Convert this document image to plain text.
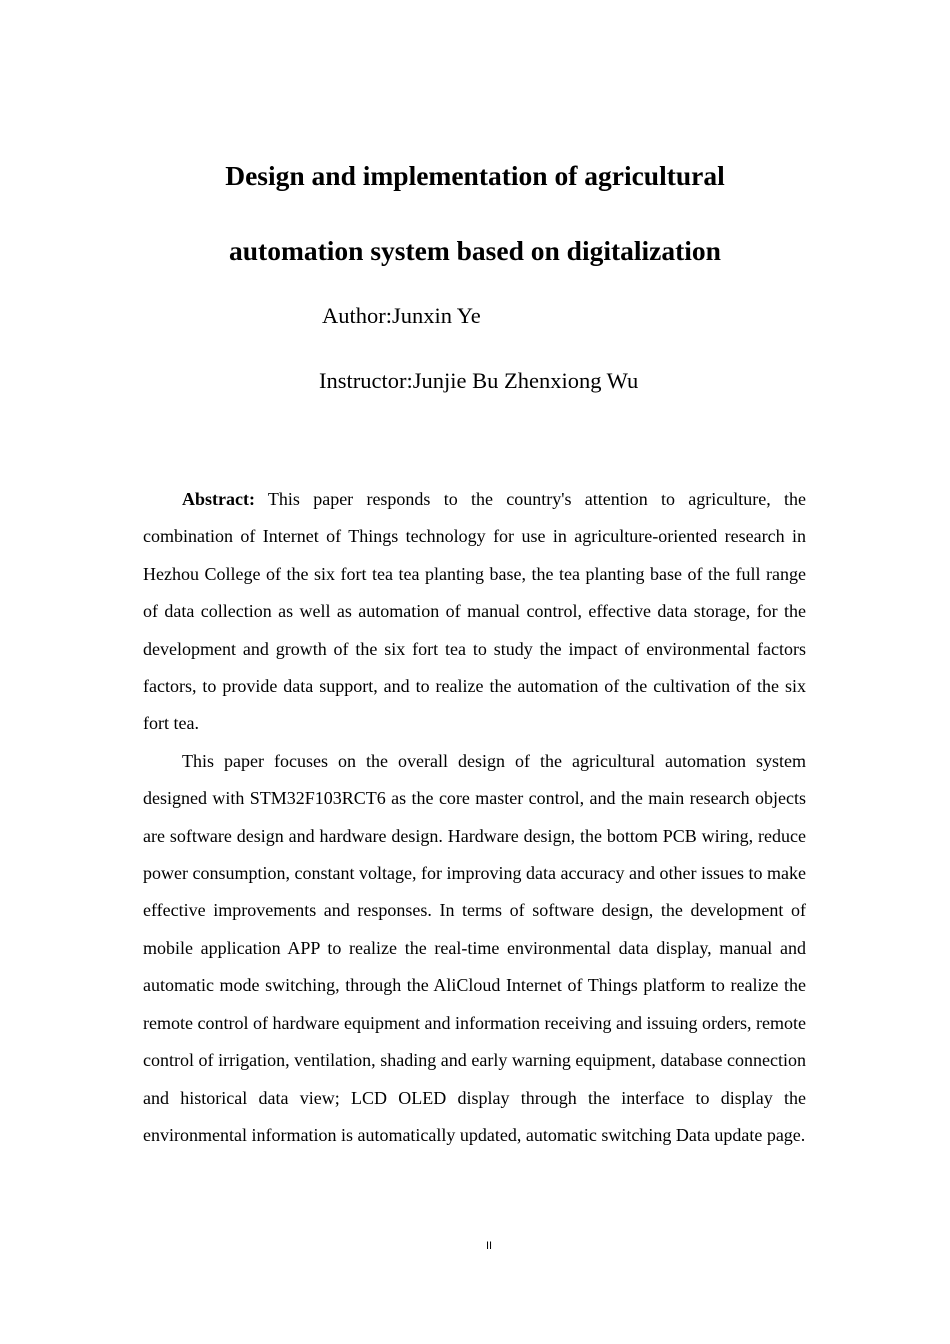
Design and implementation of agricultural
automation system based on digitalization
Author:Junxin Ye
Instructor:Junjie Bu Zhenxiong Wu

Abstract: This paper responds to the country's attention to agriculture, the combination of Internet of Things technology for use in agriculture-oriented research in Hezhou College of the six fort tea tea planting base, the tea planting base of the full range of data collection as well as automation of manual control, effective data storage, for the development and growth of the six fort tea to study the impact of environmental factors factors, to provide data support, and to realize the automation of the cultivation of the six fort tea.

This paper focuses on the overall design of the agricultural automation system designed with STM32F103RCT6 as the core master control, and the main research objects are software design and hardware design. Hardware design, the bottom PCB wiring, reduce power consumption, constant voltage, for improving data accuracy and other issues to make effective improvements and responses. In terms of software design, the development of mobile application APP to realize the real-time environmental data display, manual and automatic mode switching, through the AliCloud Internet of Things platform to realize the remote control of hardware equipment and information receiving and issuing orders, remote control of irrigation, ventilation, shading and early warning equipment, database connection and historical data view; LCD OLED display through the interface to display the environmental information is automatically updated, automatic switching Data update page.

II
